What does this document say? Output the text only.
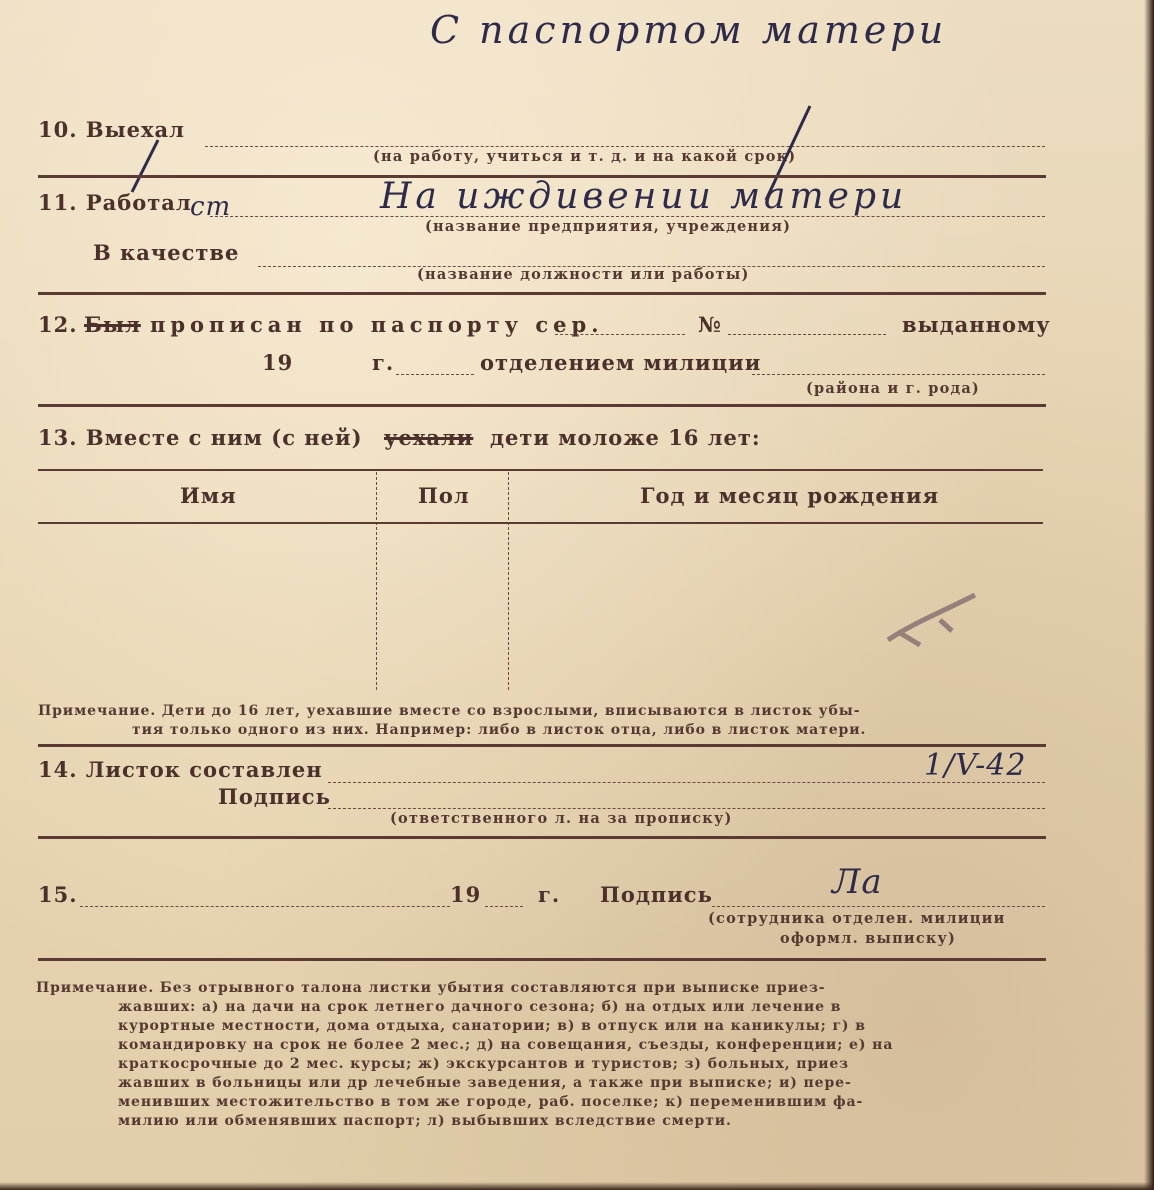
С паспортом матери
10. Выехал
(на работу, учиться и т. д. и на какой срок)
11. Работал
ст	На иждивении матери
(название предприятия, учреждения)
В качестве
(название должности или работы)
12. Был прописан по паспорту сер.	№	выданному
19	г.	отделением милиции
(района и г. рода)
13. Вместе с ним (с ней) уехали дети моложе 16 лет:
Имя	Пол	Год и месяц рождения
Примечание. Дети до 16 лет, уехавшие вместе со взрослыми, вписываются в листок убы-
тия только одного из них. Например: либо в листок отца, либо в листок матери.
14. Листок составлен	1/V-42
Подпись
(ответственного л. на за прописку)
15.	19	г. Подпись	Ла
(сотрудника отделен. милиции
оформл. выписку)
Примечание. Без отрывного талона листки убытия составляются при выписке приез-
жавших: а) на дачи на срок летнего дачного сезона; б) на отдых или лечение в
курортные местности, дома отдыха, санатории; в) в отпуск или на каникулы; г) в
командировку на срок не более 2 мес.; д) на совещания, съезды, конференции; е) на
краткосрочные до 2 мес. курсы; ж) экскурсантов и туристов; з) больных, приез
жавших в больницы или др лечебные заведения, а также при выписке; и) пере-
менивших местожительство в том же городе, раб. поселке; к) переменившим фа-
милию или обменявших паспорт; л) выбывших вследствие смерти.
